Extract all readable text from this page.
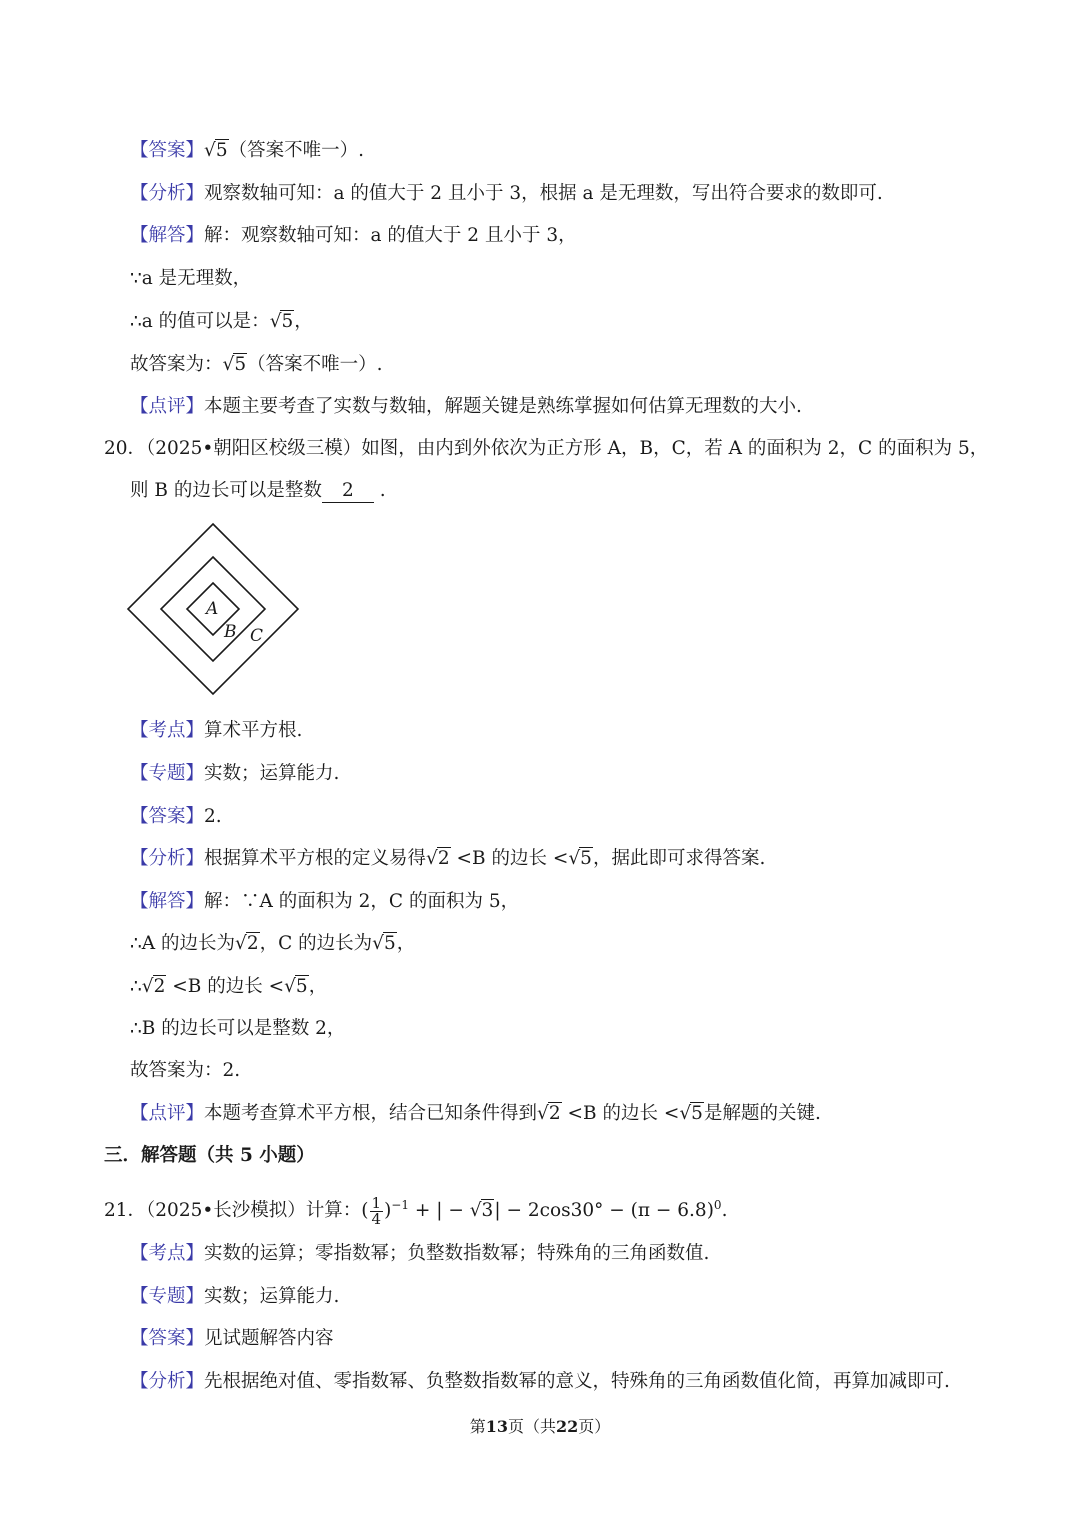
【答案】√5（答案不唯一）.
【分析】观察数轴可知：a 的值大于 2 且小于 3，根据 a 是无理数，写出符合要求的数即可.
【解答】解：观察数轴可知：a 的值大于 2 且小于 3，
∵a 是无理数，
∴a 的值可以是：√5，
故答案为：√5（答案不唯一）.
【点评】本题主要考查了实数与数轴，解题关键是熟练掌握如何估算无理数的大小.
20．（2025•朝阳区校级三模）如图，由内到外依次为正方形 A，B，C，若 A 的面积为 2，C 的面积为 5，
则 B 的边长可以是整数 2 .
A
B C
【考点】算术平方根.
【专题】实数；运算能力.
【答案】2.
【分析】根据算术平方根的定义易得√2 <B 的边长 <√5，据此即可求得答案.
【解答】解：∵A 的面积为 2，C 的面积为 5，
∴A 的边长为√2，C 的边长为√5，
∴√2 <B 的边长 <√5，
∴B 的边长可以是整数 2，
故答案为：2.
【点评】本题考查算术平方根，结合已知条件得到√2 <B 的边长 <√5是解题的关键.
三．解答题（共 5 小题）
21．（2025•长沙模拟）计算：( $\frac{1}{4} )^{-1}$ + | − $√3| - 2\cos 30^\circ - (\pi - 6.8)^0$.
【考点】实数的运算；零指数幂；负整数指数幂；特殊角的三角函数值.
【专题】实数；运算能力.
【答案】见试题解答内容
【分析】先根据绝对值、零指数幂、负整数指数幂的意义，特殊角的三角函数值化简，再算加减即可.
第13页（共22页）
